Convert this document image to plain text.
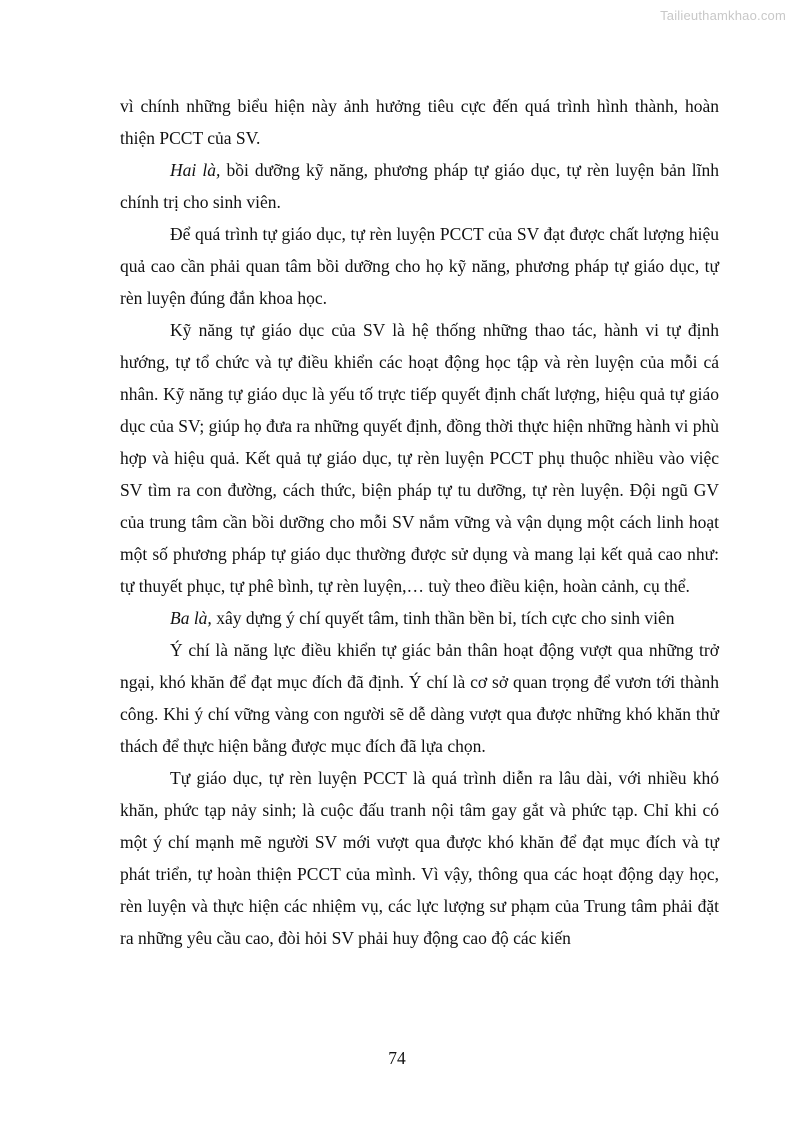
Tailieuthamkhao.com

vì chính những biểu hiện này ảnh hưởng tiêu cực đến quá trình hình thành, hoàn thiện PCCT của SV.

Hai là, bồi dưỡng kỹ năng, phương pháp tự giáo dục, tự rèn luyện bản lĩnh chính trị cho sinh viên.

Để quá trình tự giáo dục, tự rèn luyện PCCT của SV đạt được chất lượng hiệu quả cao cần phải quan tâm bồi dưỡng cho họ kỹ năng, phương pháp tự giáo dục, tự rèn luyện đúng đắn khoa học.

Kỹ năng tự giáo dục của SV là hệ thống những thao tác, hành vi tự định hướng, tự tổ chức và tự điều khiển các hoạt động học tập và rèn luyện của mỗi cá nhân. Kỹ năng tự giáo dục là yếu tố trực tiếp quyết định chất lượng, hiệu quả tự giáo dục của SV; giúp họ đưa ra những quyết định, đồng thời thực hiện những hành vi phù hợp và hiệu quả. Kết quả tự giáo dục, tự rèn luyện PCCT phụ thuộc nhiều vào việc SV tìm ra con đường, cách thức, biện pháp tự tu dưỡng, tự rèn luyện. Đội ngũ GV của trung tâm cần bồi dưỡng cho mỗi SV nắm vững và vận dụng một cách linh hoạt một số phương pháp tự giáo dục thường được sử dụng và mang lại kết quả cao như: tự thuyết phục, tự phê bình, tự rèn luyện,… tuỳ theo điều kiện, hoàn cảnh, cụ thể.

Ba là, xây dựng ý chí quyết tâm, tinh thần bền bỉ, tích cực cho sinh viên

Ý chí là năng lực điều khiển tự giác bản thân hoạt động vượt qua những trở ngại, khó khăn để đạt mục đích đã định. Ý chí là cơ sở quan trọng để vươn tới thành công. Khi ý chí vững vàng con người sẽ dễ dàng vượt qua được những khó khăn thử thách để thực hiện bằng được mục đích đã lựa chọn.

Tự giáo dục, tự rèn luyện PCCT là quá trình diễn ra lâu dài, với nhiều khó khăn, phức tạp nảy sinh; là cuộc đấu tranh nội tâm gay gắt và phức tạp. Chỉ khi có một ý chí mạnh mẽ người SV mới vượt qua được khó khăn để đạt mục đích và tự phát triển, tự hoàn thiện PCCT của mình. Vì vậy, thông qua các hoạt động dạy học, rèn luyện và thực hiện các nhiệm vụ, các lực lượng sư phạm của Trung tâm phải đặt ra những yêu cầu cao, đòi hỏi SV phải huy động cao độ các kiến

74
